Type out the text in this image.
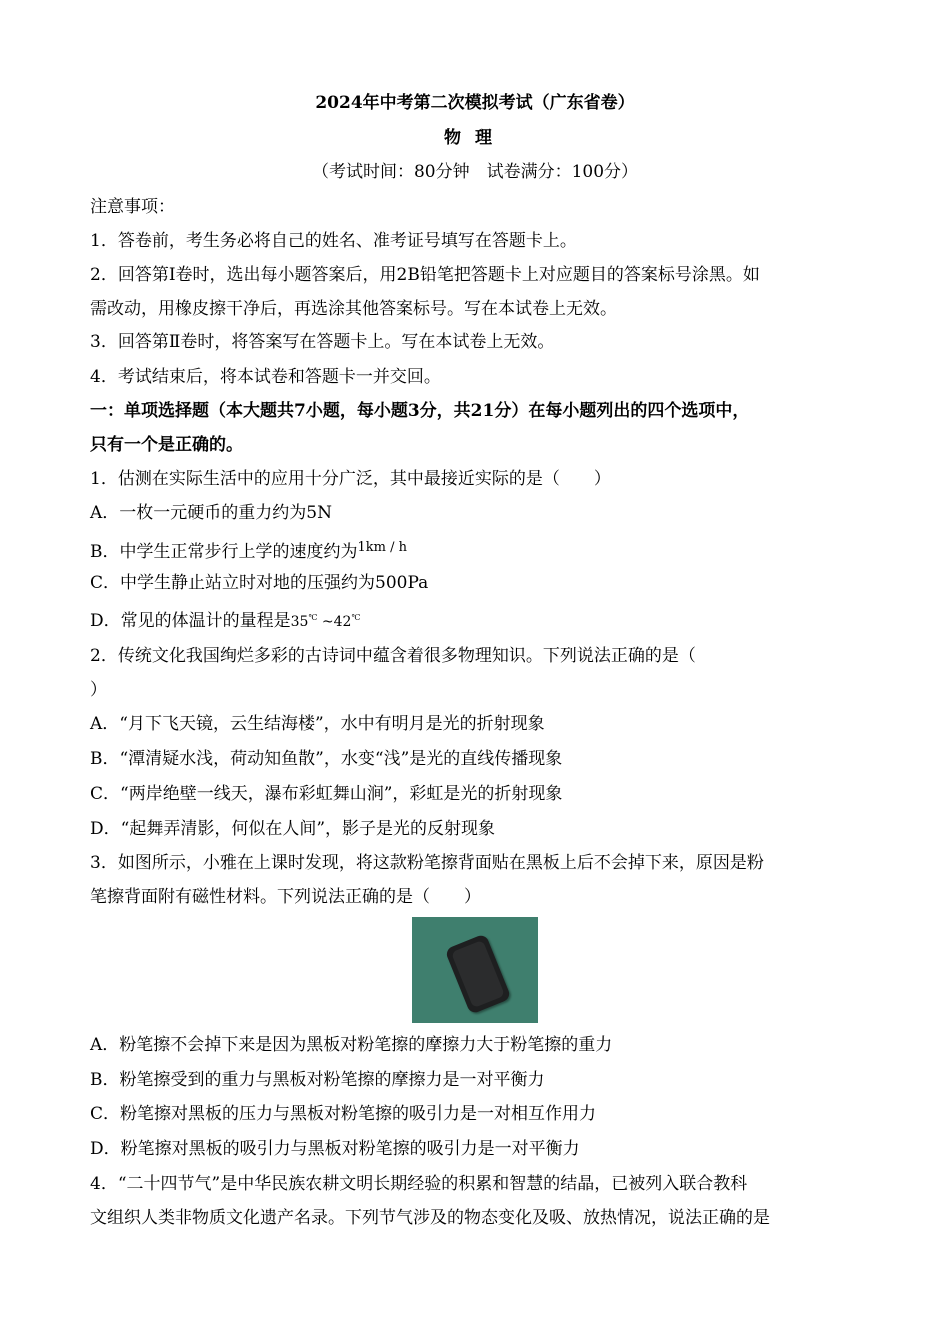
2024年中考第二次模拟考试（广东省卷）
物理
（考试时间：80分钟　试卷满分：100分）
注意事项：
1．答卷前，考生务必将自己的姓名、准考证号填写在答题卡上。
2．回答第Ⅰ卷时，选出每小题答案后，用2B铅笔把答题卡上对应题目的答案标号涂黑。如
需改动，用橡皮擦干净后，再选涂其他答案标号。写在本试卷上无效。
3．回答第Ⅱ卷时，将答案写在答题卡上。写在本试卷上无效。
4．考试结束后，将本试卷和答题卡一并交回。
一：单项选择题（本大题共7小题，每小题3分，共21分）在每小题列出的四个选项中，
只有一个是正确的。
1．估测在实际生活中的应用十分广泛，其中最接近实际的是（　　）
A．一枚一元硬币的重力约为5N
B．中学生正常步行上学的速度约为$^{1km / h}$
C．中学生静止站立时对地的压强约为500Pa
D．常见的体温计的量程是35℃ ~42℃
2．传统文化我国绚烂多彩的古诗词中蕴含着很多物理知识。下列说法正确的是（
）
A．“月下飞天镜，云生结海楼”，水中有明月是光的折射现象
B．“潭清疑水浅，荷动知鱼散”，水变“浅”是光的直线传播现象
C．“两岸绝壁一线天，瀑布彩虹舞山涧”，彩虹是光的折射现象
D．“起舞弄清影，何似在人间”，影子是光的反射现象
3．如图所示，小雅在上课时发现，将这款粉笔擦背面贴在黑板上后不会掉下来，原因是粉
笔擦背面附有磁性材料。下列说法正确的是（　　）
A．粉笔擦不会掉下来是因为黑板对粉笔擦的摩擦力大于粉笔擦的重力
B．粉笔擦受到的重力与黑板对粉笔擦的摩擦力是一对平衡力
C．粉笔擦对黑板的压力与黑板对粉笔擦的吸引力是一对相互作用力
D．粉笔擦对黑板的吸引力与黑板对粉笔擦的吸引力是一对平衡力
4．“二十四节气”是中华民族农耕文明长期经验的积累和智慧的结晶，已被列入联合教科
文组织人类非物质文化遗产名录。下列节气涉及的物态变化及吸、放热情况，说法正确的是
